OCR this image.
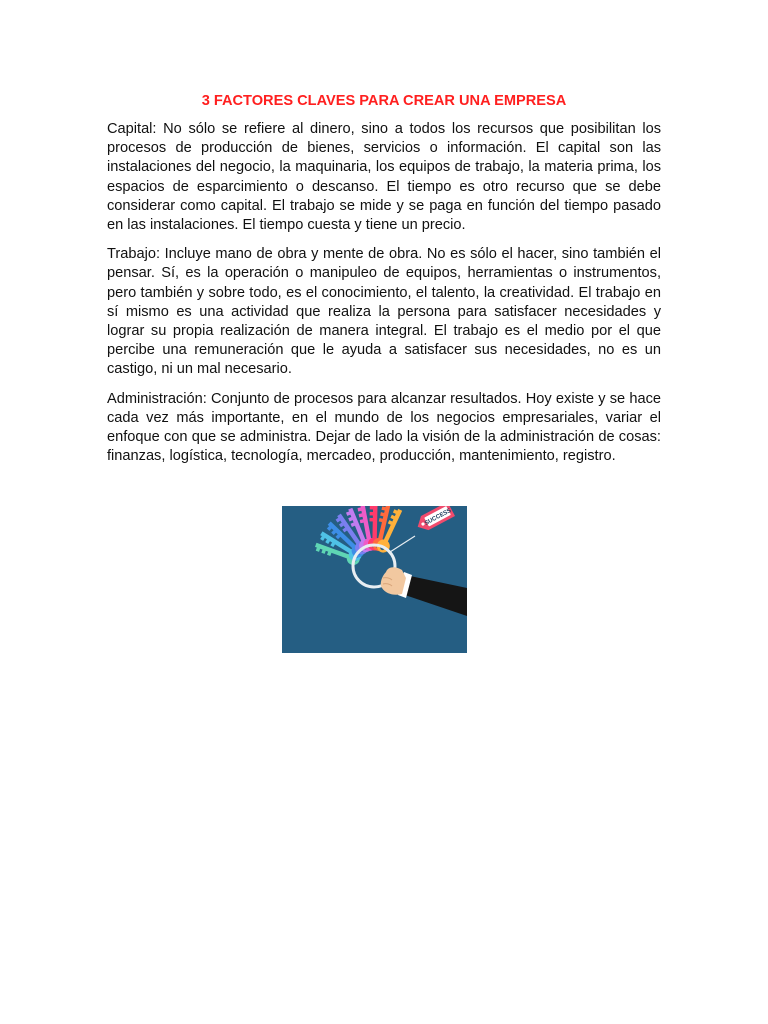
3 FACTORES CLAVES PARA CREAR UNA EMPRESA

Capital: No sólo se refiere al dinero, sino a todos los recursos que posibilitan los procesos de producción de bienes, servicios o información. El capital son las instalaciones del negocio, la maquinaria, los equipos de trabajo, la materia prima, los espacios de esparcimiento o descanso. El tiempo es otro recurso que se debe considerar como capital. El trabajo se mide y se paga en función del tiempo pasado en las instalaciones. El tiempo cuesta y tiene un precio.

Trabajo: Incluye mano de obra y mente de obra. No es sólo el hacer, sino también el pensar. Sí, es la operación o manipuleo de equipos, herramientas o instrumentos, pero también y sobre todo, es el conocimiento, el talento, la creatividad. El trabajo en sí mismo es una actividad que realiza la persona para satisfacer necesidades y lograr su propia realización de manera integral. El trabajo es el medio por el que percibe una remuneración que le ayuda a satisfacer sus necesidades, no es un castigo, ni un mal necesario.

Administración: Conjunto de procesos para alcanzar resultados. Hoy existe y se hace cada vez más importante, en el mundo de los negocios empresariales, variar el enfoque con que se administra. Dejar de lado la visión de la administración de cosas: finanzas, logística, tecnología, mercadeo, producción, mantenimiento, registro.

SUCCESS
